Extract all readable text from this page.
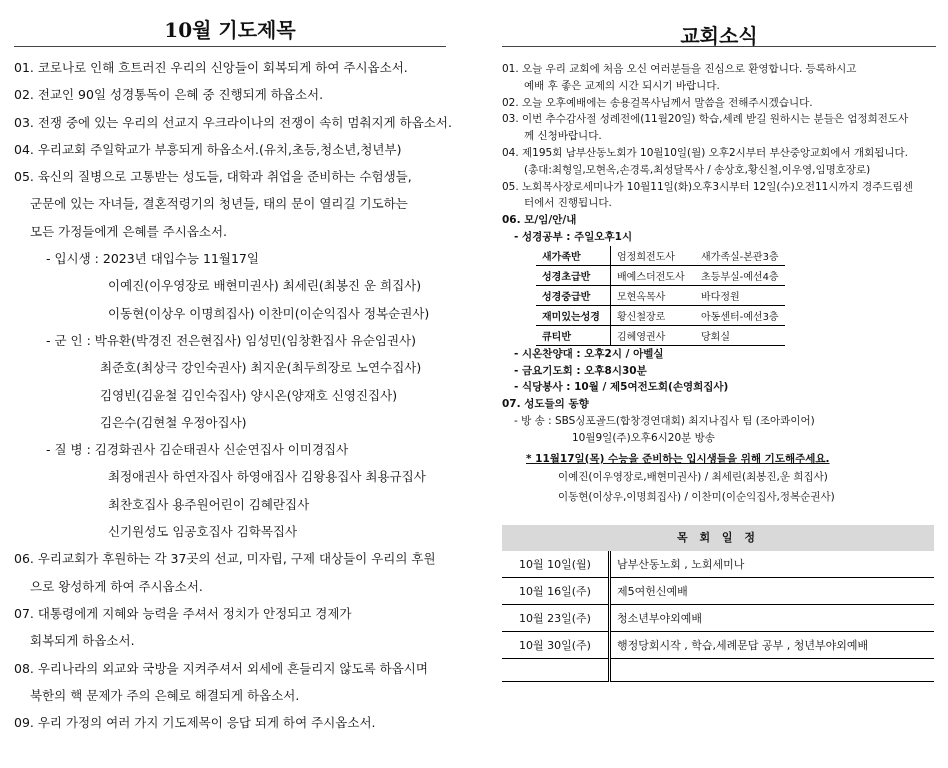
10월 기도제목
01. 코로나로 인해 흐트러진 우리의 신앙들이 회복되게 하여 주시옵소서.
02. 전교인 90일 성경통독이 은혜 중 진행되게 하옵소서.
03. 전쟁 중에 있는 우리의 선교지 우크라이나의 전쟁이 속히 멈춰지게 하옵소서.
04. 우리교회 주일학교가 부흥되게 하옵소서.(유치,초등,청소년,청년부)
05. 육신의 질병으로 고통받는 성도들, 대학과 취업을 준비하는 수험생들,
군문에 있는 자녀들, 결혼적령기의 청년들, 태의 문이 열리길 기도하는
모든 가정들에게 은혜를 주시옵소서.
- 입시생 : 2023년 대입수능 11월17일
이예진(이우영장로 배현미권사) 최세린(최봉진 운 희집사)
이동현(이상우 이명희집사) 이찬미(이순익집사 정복순권사)
- 군 인 : 박유환(박경진 전은현집사) 임성민(임창환집사 유순임권사)
최준호(최상극 강인숙권사) 최지운(최두희장로 노연수집사)
김영빈(김윤철 김인숙집사) 양시온(양재호 신영진집사)
김은수(김현철 우정아집사)
- 질 병 : 김경화권사 김순태권사 신순연집사 이미경집사
최정애권사 하연자집사 하영애집사 김왕용집사 최용규집사
최찬호집사 용주원어린이 김혜란집사
신기원성도 임공호집사 김학목집사
06. 우리교회가 후원하는 각 37곳의 선교, 미자립, 구제 대상들이 우리의 후원
으로 왕성하게 하여 주시옵소서.
07. 대통령에게 지혜와 능력을 주셔서 정치가 안정되고 경제가
회복되게 하옵소서.
08. 우리나라의 외교와 국방을 지켜주셔서 외세에 흔들리지 않도록 하옵시며
북한의 핵 문제가 주의 은혜로 해결되게 하옵소서.
09. 우리 가정의 여러 가지 기도제목이 응답 되게 하여 주시옵소서.
교회소식
01. 오늘 우리 교회에 처음 오신 여러분들을 진심으로 환영합니다. 등록하시고
예배 후 좋은 교제의 시간 되시기 바랍니다.
02. 오늘 오후예배에는 송용걸목사님께서 말씀을 전해주시겠습니다.
03. 이번 추수감사절 성례전에(11월20일) 학습,세례 받길 원하시는 분들은 엄정희전도사
께 신청바랍니다.
04. 제195회 남부산동노회가 10월10일(월) 오후2시부터 부산중앙교회에서 개회됩니다.
(총대:최형일,모현옥,손경록,최성달목사 / 송상호,황신철,이우영,임명호장로)
05. 노회목사장로세미나가 10월11일(화)오후3시부터 12일(수)오전11시까지 경주드림센
터에서 진행됩니다.
06. 모/임/안/내
- 성경공부 : 주일오후1시
새가족반	엄정희전도사	새가족실-본관3층
성경초급반	배예스더전도사	초등부실-예선4층
성경중급반	모현옥목사	바다정원
재미있는성경	황신철장로	아동센터-예선3층
큐티반	김혜영권사	당회실
- 시온찬양대 : 오후2시 / 아벨실
- 금요기도회 : 오후8시30분
- 식당봉사 : 10월 / 제5여전도회(손영희집사)
07. 성도들의 동향
- 방 송 : SBS싱포골드(합창경연대회) 최지나집사 팀 (조아콰이어)
10월9일(주)오후6시20분 방송
* 11월17일(목) 수능을 준비하는 입시생들을 위해 기도해주세요.
이예진(이우영장로,배현미권사) / 최세린(최봉진,운 희집사)
이동현(이상우,이명희집사) / 이찬미(이순익집사,정복순권사)
목 회 일 정
10월 10일(월)	남부산동노회 , 노회세미나
10월 16일(주)	제5여헌신예배
10월 23일(주)	청소년부야외예배
10월 30일(주)	행정당회시작 , 학습,세례문답 공부 , 청년부야외예배
